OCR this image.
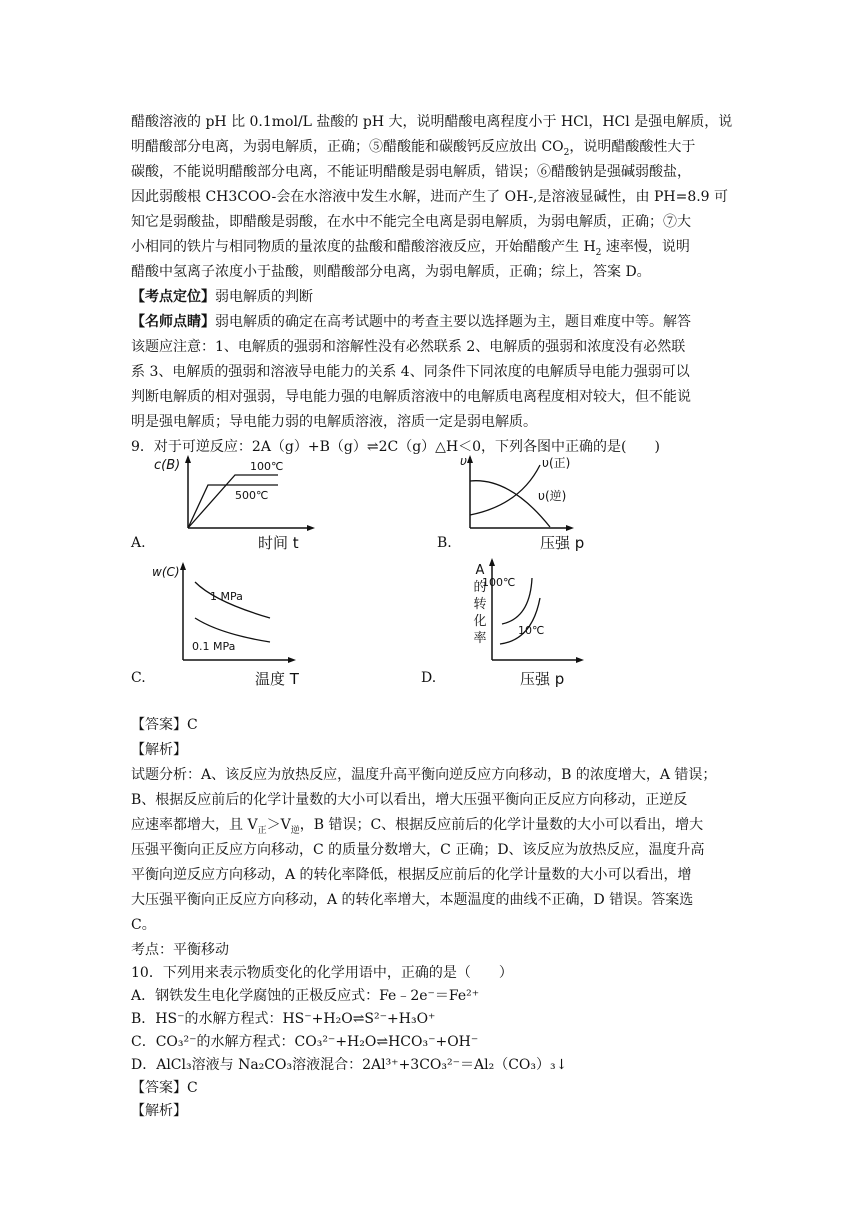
醋酸溶液的 pH 比 0.1mol/L 盐酸的 pH 大，说明醋酸电离程度小于 HCl，HCl 是强电解质，说

明醋酸部分电离，为弱电解质，正确；⑤醋酸能和碳酸钙反应放出 $CO_2$，说明醋酸酸性大于

碳酸，不能说明醋酸部分电离，不能证明醋酸是弱电解质，错误；⑥醋酸钠是强碱弱酸盐，

因此弱酸根 CH3COO-会在水溶液中发生水解，进而产生了 OH-,是溶液显碱性，由 PH=8.9 可

知它是弱酸盐，即醋酸是弱酸，在水中不能完全电离是弱电解质，为弱电解质，正确；⑦大

小相同的铁片与相同物质的量浓度的盐酸和醋酸溶液反应，开始醋酸产生 $H_2$ 速率慢，说明

醋酸中氢离子浓度小于盐酸，则醋酸部分电离，为弱电解质，正确；综上，答案 D。

【考点定位】弱电解质的判断

【名师点睛】弱电解质的确定在高考试题中的考查主要以选择题为主，题目难度中等。解答

该题应注意：1、电解质的强弱和溶解性没有必然联系 2、电解质的强弱和浓度没有必然联

系 3、电解质的强弱和溶液导电能力的关系 4、同条件下同浓度的电解质导电能力强弱可以

判断电解质的相对强弱，导电能力强的电解质溶液中的电解质电离程度相对较大，但不能说

明是强电解质；导电能力弱的电解质溶液，溶质一定是弱电解质。

9．对于可逆反应：2A（g）+B（g）⇌2C（g）△H＜0，下列各图中正确的是(　　)

c(B)	100℃
500℃
A.	时间 t
υ	υ(正)
υ(逆)
B.	压强 p
w(C)
1 MPa
0.1 MPa
C.	温度 T
100℃
10℃
A
的
转
化
率
D.	压强 p

【答案】C

【解析】

试题分析：A、该反应为放热反应，温度升高平衡向逆反应方向移动，B 的浓度增大，A 错误；

B、根据反应前后的化学计量数的大小可以看出，增大压强平衡向正反应方向移动，正逆反

应速率都增大，且 $V_正>V_逆$，B 错误；C、根据反应前后的化学计量数的大小可以看出，增大

压强平衡向正反应方向移动，C 的质量分数增大，C 正确；D、该反应为放热反应，温度升高

平衡向逆反应方向移动，A 的转化率降低，根据反应前后的化学计量数的大小可以看出，增

大压强平衡向正反应方向移动，A 的转化率增大，本题温度的曲线不正确，D 错误。答案选

C。

考点：平衡移动

10．下列用来表示物质变化的化学用语中，正确的是（　　）

A．钢铁发生电化学腐蚀的正极反应式：Fe﹣2e⁻＝Fe²⁺

B．HS⁻的水解方程式：HS⁻+H₂O⇌S²⁻+H₃O⁺

C．CO₃²⁻的水解方程式：CO₃²⁻+H₂O⇌HCO₃⁻+OH⁻

D．AlCl₃溶液与 Na₂CO₃溶液混合：2Al³⁺+3CO₃²⁻＝Al₂（CO₃）₃↓

【答案】C

【解析】
